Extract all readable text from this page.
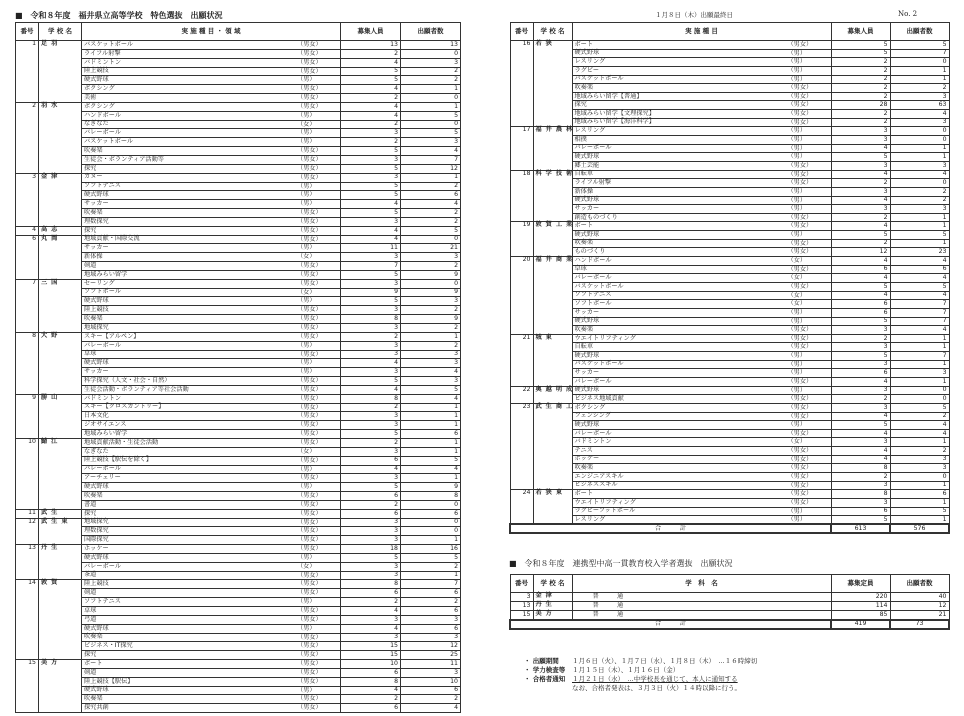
■　令和８年度　福井県立高等学校　特色選抜　出願状況
番号	学 校 名	実 施 種 目 ・ 領 域	募集人員	出願者数
1	足羽	バスケットボール （男女）	13	13
		ライフル射撃 （男女）	2	0
		バドミントン （男女）	4	3
		陸上競技 （男女）	5	2
		硬式野球 （男）	5	2
		ボクシング （男女）	4	1
		美術 （男女）	2	0
2	羽水	ボクシング （男女）	4	1
		ハンドボール （男）	4	5
		なぎなた （女）	2	0
		バレーボール （男）	3	5
		バスケットボール （男）	2	3
		吹奏楽 （男女）	5	4
		生徒会・ボランティア活動等 （男女）	3	7
		探究 （男女）	5	12
3	金津	カヌー （男女）	3	1
		ソフトテニス （男）	5	2
		硬式野球 （男）	5	6
		サッカー （男）	4	4
		吹奏楽 （男女）	5	2
		理数探究 （男女）	3	2
4	高志	探究 （男女）	4	5
6	丸岡	地域貢献・国際交流 （男女）	4	0
		サッカー （男）	11	21
		新体操 （女）	3	3
		剣道 （男女）	7	2
		地域みらい留学 （男女）	5	9
7	三国	セーリング （男女）	3	0
		ソフトボール （女）	9	9
		硬式野球 （男）	5	3
		陸上競技 （男女）	3	2
		吹奏楽 （男女）	8	9
		地域探究 （男女）	3	2
8	大野	スキー【アルペン】 （男女）	2	1
		バレーボール （男）	3	2
		卓球 （男女）	3	3
		硬式野球 （男）	4	3
		サッカー （男）	3	4
		科学探究（人文・社会・自然） （男女）	5	3
		生徒会活動・ボランティア等社会活動 （男女）	4	5
9	勝山	バドミントン （男女）	8	4
		スキー【クロスカントリー】 （男女）	2	1
		日本文化 （男女）	3	1
		ジオサイエンス （男女）	3	1
		地域みらい留学 （男女）	5	6
10	鯖江	地域貢献活動・生徒会活動 （男女）	2	1
		なぎなた （女）	3	1
		陸上競技【駅伝を除く】 （男女）	6	5
		バレーボール （男）	4	4
		アーチェリー （男女）	3	1
		硬式野球 （男）	5	9
		吹奏楽 （男女）	6	8
		書道 （男女）	2	0
11	武生	探究 （男女）	6	6
12	武生東	地域探究 （男女）	3	0
		理数探究 （男女）	3	0
		国際探究 （男女）	3	1
13	丹生	ホッケー （男女）	18	16
		硬式野球 （男）	5	5
		バレーボール （女）	3	2
		茶道 （男女）	3	1
14	敦賀	陸上競技 （男女）	8	7
		剣道 （男女）	6	6
		ソフトテニス （男）	2	2
		卓球 （男女）	4	6
		弓道 （男女）	3	3
		硬式野球 （男）	4	6
		吹奏楽 （男女）	3	3
		ビジネス・IT探究 （男女）	15	12
		探究 （男女）	15	25
15	美方	ボート （男女）	10	11
		剣道 （男女）	6	3
		陸上競技【駅伝】 （男女）	8	10
		硬式野球 （男）	4	6
		吹奏楽 （男女）	2	2
		探究共創 （男女）	6	4
１月８日（木）出願最終日	No. 2
番号	学 校 名	実 施 種 目	募集人員	出願者数
16	若狭	ボート （男女）	5	5
		硬式野球 （男）	5	7
		レスリング （男）	2	0
		ラグビー （男）	2	1
		バスケットボール （男）	2	1
		吹奏楽 （男女）	2	2
		地域みらい留学【普通】 （男女）	2	3
		探究 （男女）	28	63
		地域みらい留学【文理探究】 （男女）	2	4
		地域みらい留学【海洋科学】 （男女）	2	3
17	福井農林	レスリング （男）	3	0
		相撲 （男）	3	0
		バレーボール （男）	4	1
		硬式野球 （男）	5	1
		郷土芸能 （男女）	3	3
18	科学技術	自転車 （男女）	4	4
		ライフル射撃 （男女）	2	0
		新体操 （男）	3	2
		硬式野球 （男）	4	2
		サッカー （男）	3	3
		創造ものづくり （男女）	2	1
19	敦賀工業	ボート （男女）	4	1
		硬式野球 （男）	5	5
		吹奏楽 （男女）	2	1
		ものづくり （男女）	12	23
20	福井商業	ハンドボール （女）	4	4
		卓球 （男女）	6	6
		バレーボール （女）	4	4
		バスケットボール （男女）	5	5
		ソフトテニス （女）	4	4
		ソフトボール （女）	6	7
		サッカー （男）	6	7
		硬式野球 （男）	5	7
		吹奏楽 （男女）	3	4
21	城東	ウエイトリフティング （男女）	2	1
		自転車 （男女）	3	1
		硬式野球 （男）	5	7
		バスケットボール （男）	3	1
		サッカー （男）	6	3
		バレーボール （男女）	4	1
22	奥越明成	硬式野球 （男）	3	0
		ビジネス地域貢献 （男女）	2	0
23	武生商工	ボクシング （男女）	3	5
		フェンシング （男女）	4	2
		硬式野球 （男）	5	4
		バレーボール （男女）	4	4
		バドミントン （女）	3	1
		テニス （男女）	4	2
		ホッケー （男女）	4	3
		吹奏楽 （男女）	8	3
		エンジニアスキル （男女）	2	0
		ビジネススキル （男女）	3	1
24	若狭東	ボート （男女）	8	6
		ウエイトリフティング （男女）	3	1
		ラグビーフットボール （男）	6	5
		レスリング （男）	5	1
合　　　計			613	576
■　令和８年度　連携型中高一貫教育校入学者選抜　出願状況
番号	学 校 名	学　科　名	募集定員	出願者数
3	金津	普　　通	220	40
13	丹生	普　　通	114	12
15	美方	普　　通	85	21
合　　　計			419	73
・ 出願期間 １月６日（火）、１月７日（水）、１月８日（木）　…１６時締切
・ 学力検査等 １月１５日（木）、１月１６日（金）
・ 合格者通知 １月２１日（水）　…中学校長を通じて、本人に通知する
なお、合格者発表は、３月３日（火）１４時以降に行う。
